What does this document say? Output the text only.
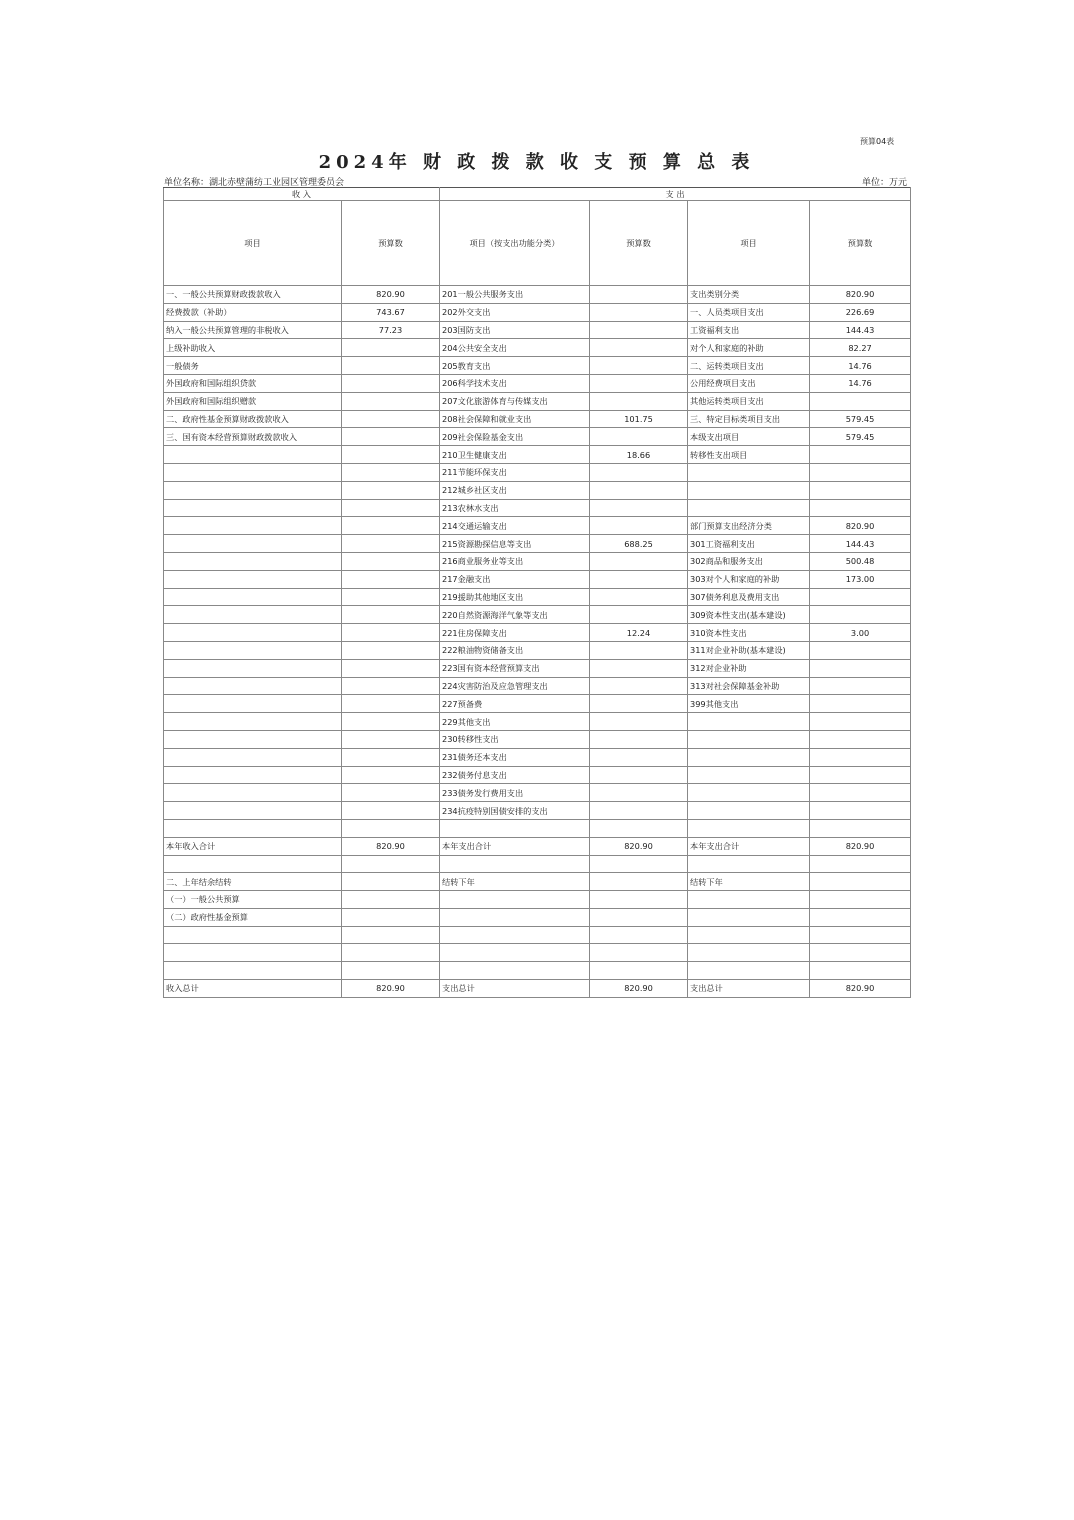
预算04表
2024年 财 政 拨 款 收 支 预 算 总 表
单位名称：湖北赤壁蒲纺工业园区管理委员会	单位：万元
收 入		支 出			
项目	预算数	项目（按支出功能分类）	预算数	项目	预算数
一、一般公共预算财政拨款收入	820.90	201一般公共服务支出		支出类别分类	820.90
经费拨款（补助）	743.67	202外交支出		一、人员类项目支出	226.69
纳入一般公共预算管理的非税收入	77.23	203国防支出		工资福利支出	144.43
上级补助收入		204公共安全支出		对个人和家庭的补助	82.27
一般债务		205教育支出		二、运转类项目支出	14.76
外国政府和国际组织贷款		206科学技术支出		公用经费项目支出	14.76
外国政府和国际组织赠款		207文化旅游体育与传媒支出		其他运转类项目支出	
二、政府性基金预算财政拨款收入		208社会保障和就业支出	101.75	三、特定目标类项目支出	579.45
三、国有资本经营预算财政拨款收入		209社会保险基金支出		本级支出项目	579.45
		210卫生健康支出	18.66	转移性支出项目	
		211节能环保支出			
		212城乡社区支出			
		213农林水支出			
		214交通运输支出		部门预算支出经济分类	820.90
		215资源勘探信息等支出	688.25	301工资福利支出	144.43
		216商业服务业等支出		302商品和服务支出	500.48
		217金融支出		303对个人和家庭的补助	173.00
		219援助其他地区支出		307债务利息及费用支出	
		220自然资源海洋气象等支出		309资本性支出(基本建设)	
		221住房保障支出	12.24	310资本性支出	3.00
		222粮油物资储备支出		311对企业补助(基本建设)	
		223国有资本经营预算支出		312对企业补助	
		224灾害防治及应急管理支出		313对社会保障基金补助	
		227预备费		399其他支出	
		229其他支出			
		230转移性支出			
		231债务还本支出			
		232债务付息支出			
		233债务发行费用支出			
		234抗疫特别国债安排的支出			

本年收入合计	820.90	本年支出合计	820.90	本年支出合计	820.90

二、上年结余结转		结转下年		结转下年	
（一）一般公共预算					
（二）政府性基金预算					

收入总计	820.90	支出总计	820.90	支出总计	820.90
